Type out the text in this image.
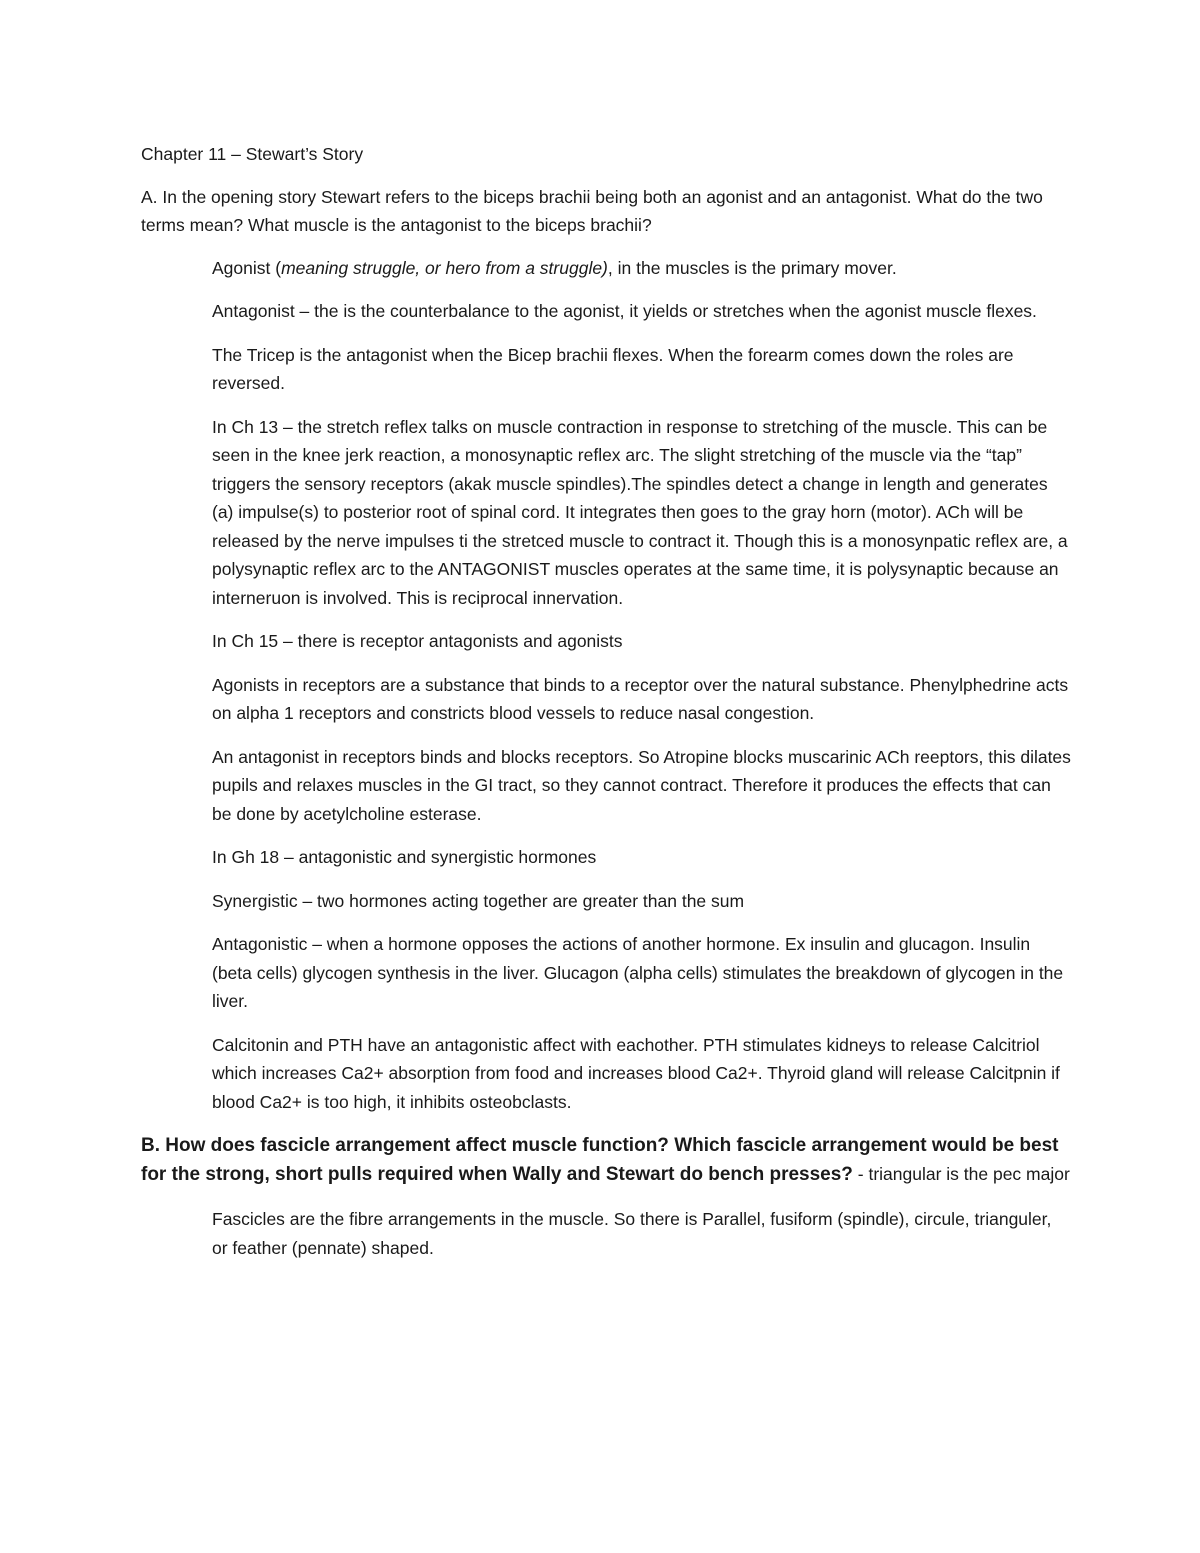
Chapter 11 – Stewart’s Story

A. In the opening story Stewart refers to the biceps brachii being both an agonist and an antagonist. What do the two terms mean? What muscle is the antagonist to the biceps brachii?

Agonist (meaning struggle, or hero from a struggle), in the muscles is the primary mover.

Antagonist – the is the counterbalance to the agonist, it yields or stretches when the agonist muscle flexes.

The Tricep is the antagonist when the Bicep brachii flexes. When the forearm comes down the roles are reversed.

In Ch 13 – the stretch reflex talks on muscle contraction in response to stretching of the muscle. This can be seen in the knee jerk reaction, a monosynaptic reflex arc. The slight stretching of the muscle via the “tap” triggers the sensory receptors (akak muscle spindles).The spindles detect a change in length and generates (a) impulse(s) to posterior root of spinal cord. It integrates then goes to the gray horn (motor). ACh will be released by the nerve impulses ti the stretced muscle to contract it. Though this is a monosynpatic reflex are, a polysynaptic reflex arc to the ANTAGONIST muscles operates at the same time, it is polysynaptic because an interneruon is involved. This is reciprocal innervation.

In Ch 15 – there is receptor antagonists and agonists

Agonists in receptors are a substance that binds to a receptor over the natural substance. Phenylphedrine acts on alpha 1 receptors and constricts blood vessels to reduce nasal congestion.

An antagonist in receptors binds and blocks receptors. So Atropine blocks muscarinic ACh reeptors, this dilates pupils and relaxes muscles in the GI tract, so they cannot contract. Therefore it produces the effects that can be done by acetylcholine esterase.

In Gh 18 – antagonistic and synergistic hormones

Synergistic – two hormones acting together are greater than the sum

Antagonistic – when a hormone opposes the actions of another hormone. Ex insulin and glucagon. Insulin (beta cells) glycogen synthesis in the liver. Glucagon (alpha cells) stimulates the breakdown of glycogen in the liver.

Calcitonin and PTH have an antagonistic affect with eachother. PTH stimulates kidneys to release Calcitriol which increases Ca2+ absorption from food and increases blood Ca2+. Thyroid gland will release Calcitpnin if blood Ca2+ is too high, it inhibits osteobclasts.

B. How does fascicle arrangement affect muscle function? Which fascicle arrangement would be best for the strong, short pulls required when Wally and Stewart do bench presses? - triangular is the pec major

Fascicles are the fibre arrangements in the muscle. So there is Parallel, fusiform (spindle), circule, trianguler, or feather (pennate) shaped.
